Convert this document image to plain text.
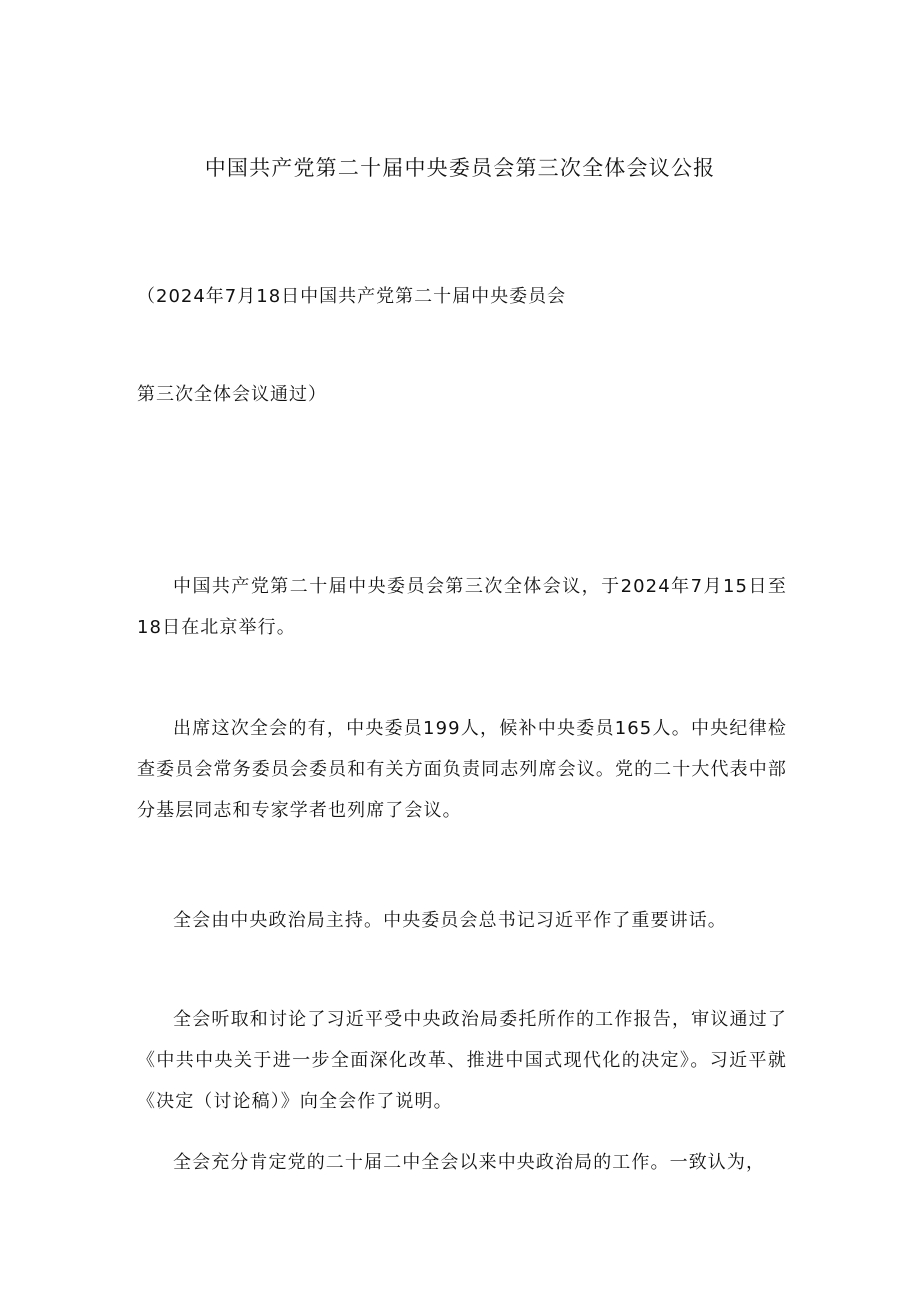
中国共产党第二十届中央委员会第三次全体会议公报
（2024年7月18日中国共产党第二十届中央委员会
第三次全体会议通过）

中国共产党第二十届中央委员会第三次全体会议，于2024年7月15日至18日在北京举行。

出席这次全会的有，中央委员199人，候补中央委员165人。中央纪律检查委员会常务委员会委员和有关方面负责同志列席会议。党的二十大代表中部分基层同志和专家学者也列席了会议。

全会由中央政治局主持。中央委员会总书记习近平作了重要讲话。

全会听取和讨论了习近平受中央政治局委托所作的工作报告，审议通过了《中共中央关于进一步全面深化改革、推进中国式现代化的决定》。习近平就《决定（讨论稿）》向全会作了说明。

全会充分肯定党的二十届二中全会以来中央政治局的工作。一致认为，
